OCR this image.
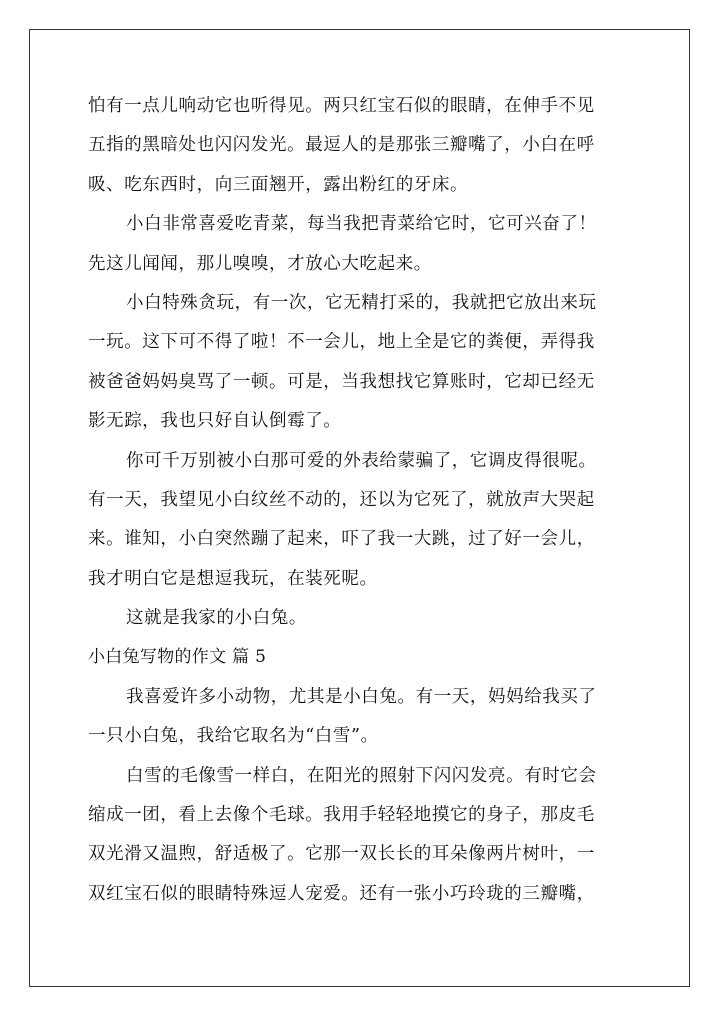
怕有一点儿响动它也听得见。两只红宝石似的眼睛，在伸手不见
五指的黑暗处也闪闪发光。最逗人的是那张三瓣嘴了，小白在呼
吸、吃东西时，向三面翘开，露出粉红的牙床。
小白非常喜爱吃青菜，每当我把青菜给它时，它可兴奋了！
先这儿闻闻，那儿嗅嗅，才放心大吃起来。
小白特殊贪玩，有一次，它无精打采的，我就把它放出来玩
一玩。这下可不得了啦！不一会儿，地上全是它的粪便，弄得我
被爸爸妈妈臭骂了一顿。可是，当我想找它算账时，它却已经无
影无踪，我也只好自认倒霉了。
你可千万别被小白那可爱的外表给蒙骗了，它调皮得很呢。
有一天，我望见小白纹丝不动的，还以为它死了，就放声大哭起
来。谁知，小白突然蹦了起来，吓了我一大跳，过了好一会儿，
我才明白它是想逗我玩，在装死呢。
这就是我家的小白兔。
小白兔写物的作文 篇 5
我喜爱许多小动物，尤其是小白兔。有一天，妈妈给我买了
一只小白兔，我给它取名为“白雪”。
白雪的毛像雪一样白，在阳光的照射下闪闪发亮。有时它会
缩成一团，看上去像个毛球。我用手轻轻地摸它的身子，那皮毛
双光滑又温煦，舒适极了。它那一双长长的耳朵像两片树叶，一
双红宝石似的眼睛特殊逗人宠爱。还有一张小巧玲珑的三瓣嘴，
